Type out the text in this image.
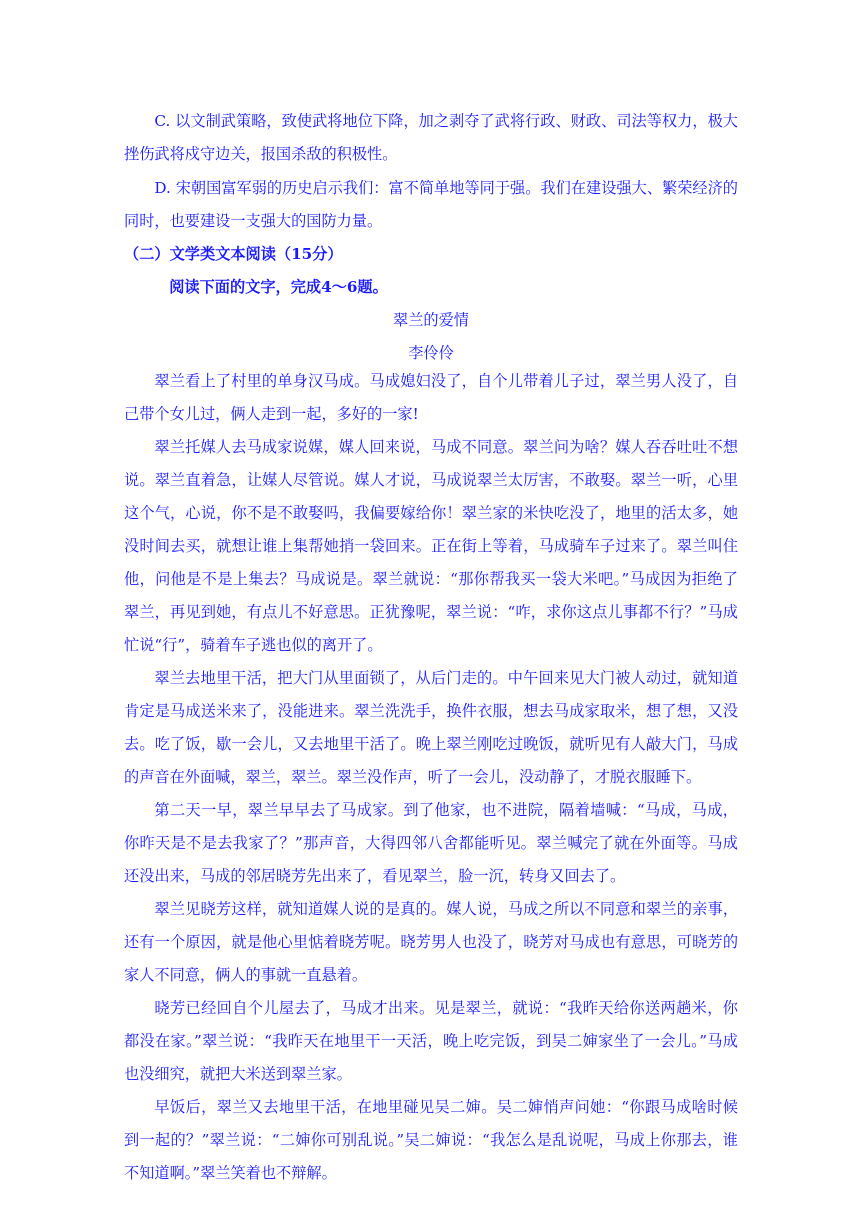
C. 以文制武策略，致使武将地位下降，加之剥夺了武将行政、财政、司法等权力，极大挫伤武将戍守边关，报国杀敌的积极性。
D. 宋朝国富军弱的历史启示我们：富不简单地等同于强。我们在建设强大、繁荣经济的同时，也要建设一支强大的国防力量。
（二）文学类文本阅读（15分）
阅读下面的文字，完成4～6题。
翠兰的爱情
李伶伶

翠兰看上了村里的单身汉马成。马成媳妇没了，自个儿带着儿子过，翠兰男人没了，自己带个女儿过，俩人走到一起，多好的一家!

翠兰托媒人去马成家说媒，媒人回来说，马成不同意。翠兰问为啥？媒人吞吞吐吐不想说。翠兰直着急，让媒人尽管说。媒人才说，马成说翠兰太厉害，不敢娶。翠兰一听，心里这个气，心说，你不是不敢娶吗，我偏要嫁给你！翠兰家的米快吃没了，地里的活太多，她没时间去买，就想让谁上集帮她捎一袋回来。正在街上等着，马成骑车子过来了。翠兰叫住他，问他是不是上集去？马成说是。翠兰就说：“那你帮我买一袋大米吧。”马成因为拒绝了翠兰，再见到她，有点儿不好意思。正犹豫呢，翠兰说：“咋，求你这点儿事都不行？”马成忙说“行”，骑着车子逃也似的离开了。

翠兰去地里干活，把大门从里面锁了，从后门走的。中午回来见大门被人动过，就知道肯定是马成送米来了，没能进来。翠兰洗洗手，换件衣服，想去马成家取米，想了想，又没去。吃了饭，歇一会儿，又去地里干活了。晚上翠兰刚吃过晚饭，就听见有人敲大门，马成的声音在外面喊，翠兰，翠兰。翠兰没作声，听了一会儿，没动静了，才脱衣服睡下。

第二天一早，翠兰早早去了马成家。到了他家，也不进院，隔着墙喊：“马成，马成，你昨天是不是去我家了？”那声音，大得四邻八舍都能听见。翠兰喊完了就在外面等。马成还没出来，马成的邻居晓芳先出来了，看见翠兰，脸一沉，转身又回去了。

翠兰见晓芳这样，就知道媒人说的是真的。媒人说，马成之所以不同意和翠兰的亲事，还有一个原因，就是他心里惦着晓芳呢。晓芳男人也没了，晓芳对马成也有意思，可晓芳的家人不同意，俩人的事就一直悬着。

晓芳已经回自个儿屋去了，马成才出来。见是翠兰，就说：“我昨天给你送两趟米，你都没在家。”翠兰说：“我昨天在地里干一天活，晚上吃完饭，到吴二婶家坐了一会儿。”马成也没细究，就把大米送到翠兰家。

早饭后，翠兰又去地里干活，在地里碰见吴二婶。吴二婶悄声问她：“你跟马成啥时候到一起的？”翠兰说：“二婶你可别乱说。”吴二婶说：“我怎么是乱说呢，马成上你那去，谁不知道啊。”翠兰笑着也不辩解。
